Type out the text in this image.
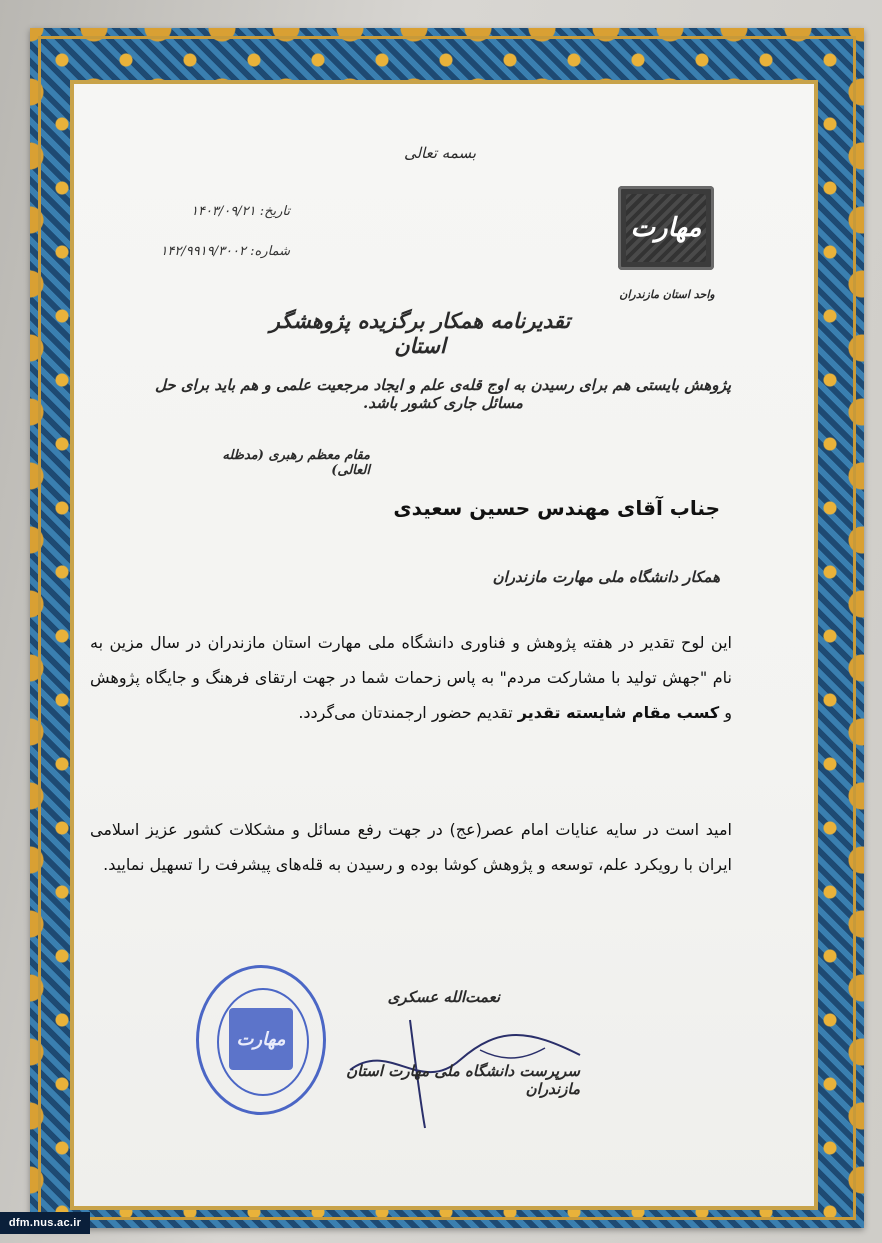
بسمه تعالی
تاریخ: ۱۴۰۳/۰۹/۲۱
شماره: ۱۴۲/۹۹۱۹/۳۰۰۲
مهارت
واحد استان مازندران
تقدیرنامه همکار برگزیده پژوهشگر استان
پژوهش بایستی هم برای رسیدن به اوج قله‌ی علم و ایجاد مرجعیت علمی و هم باید برای حل مسائل جاری کشور باشد.
مقام معظم رهبری (مدظله العالی)
جناب آقای مهندس حسین سعیدی
همکار دانشگاه ملی مهارت مازندران
این لوح تقدیر در هفته پژوهش و فناوری دانشگاه ملی مهارت استان مازندران در سال مزین به نام "جهش تولید با مشارکت مردم" به پاس زحمات شما در جهت ارتقای فرهنگ و جایگاه پژوهش و کسب مقام شایسته تقدیر تقدیم حضور ارجمندتان می‌گردد.
امید است در سایه عنایات امام عصر(عج) در جهت رفع مسائل و مشکلات کشور عزیز اسلامی ایران با رویکرد علم، توسعه و پژوهش کوشا بوده و رسیدن به قله‌های پیشرفت را تسهیل نمایید.
مهارت
نعمت‌الله عسکری
سرپرست دانشگاه ملی مهارت استان مازندران
dfm.nus.ac.ir
